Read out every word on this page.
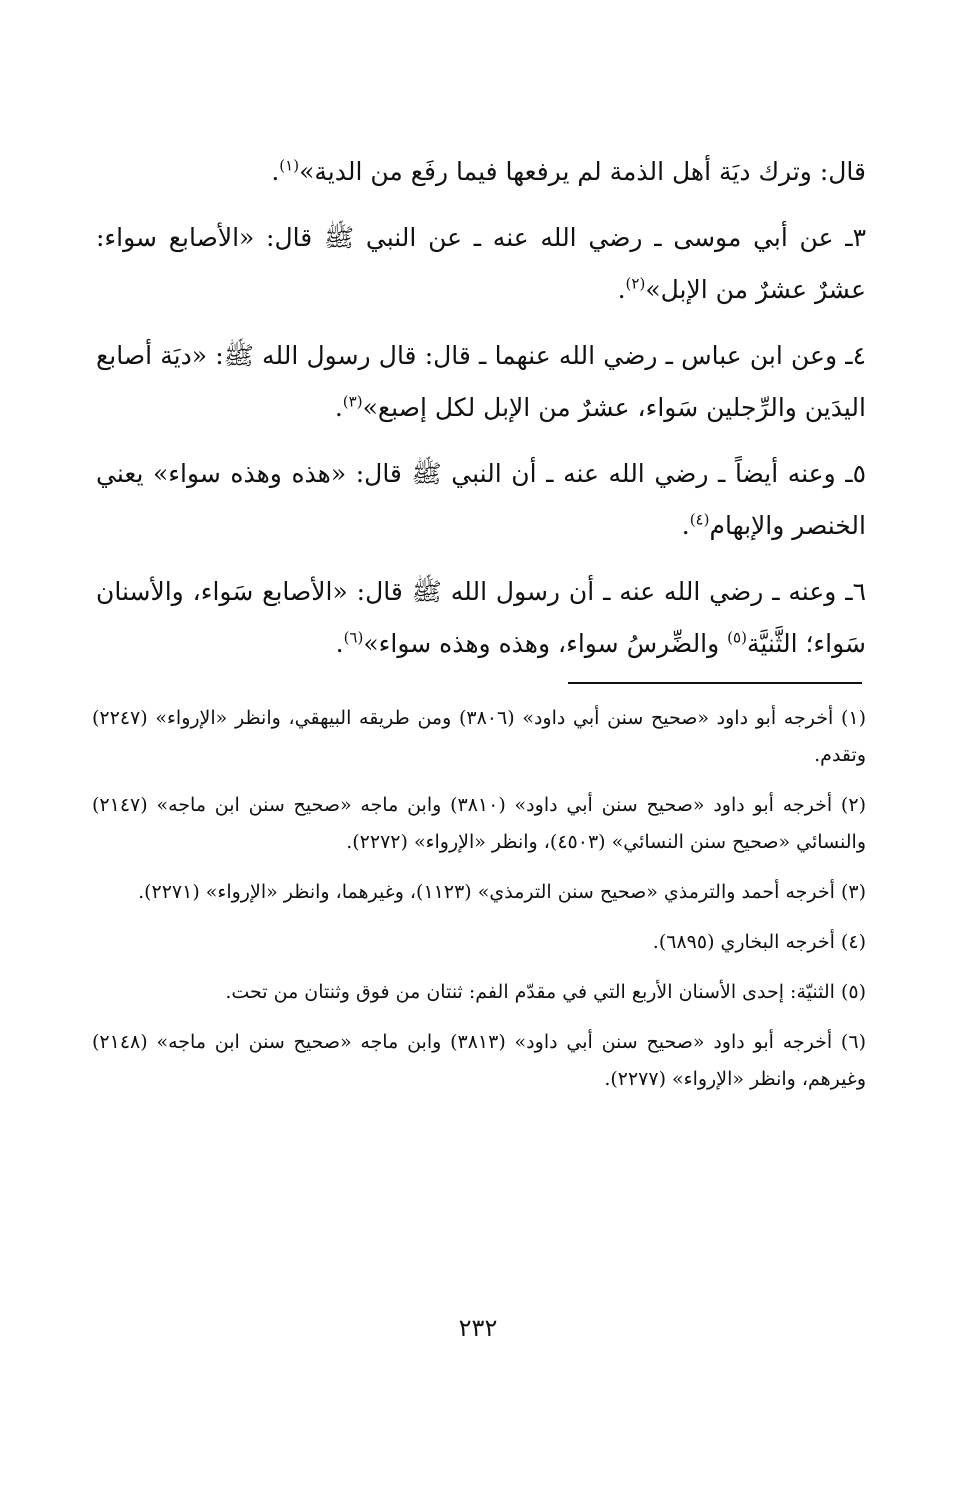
قال: وترك ديَة أهل الذمة لم يرفعها فيما رفَع من الدية»$^{(١)}$.

٣ـ عن أبي موسى ـ رضي الله عنه ـ عن النبي ﷺ قال: «الأصابع سواء: عشرٌ عشرٌ من الإبل»$^{(٢)}$.

٤ـ وعن ابن عباس ـ رضي الله عنهما ـ قال: قال رسول الله ﷺ: «ديَة أصابع اليدَين والرِّجلين سَواء، عشرٌ من الإبل لكل إصبع»$^{(٣)}$.

٥ـ وعنه أيضاً ـ رضي الله عنه ـ أن النبي ﷺ قال: «هذه وهذه سواء» يعني الخنصر والإبهام$^{(٤)}$.

٦ـ وعنه ـ رضي الله عنه ـ أن رسول الله ﷺ قال: «الأصابع سَواء، والأسنان سَواء؛ الثَّنيَّة$^{(٥)}$ والضِّرسُ سواء، وهذه وهذه سواء»$^{(٦)}$.

(١) أخرجه أبو داود «صحيح سنن أبي داود» (٣٨٠٦) ومن طريقه البيهقي، وانظر «الإرواء» (٢٢٤٧) وتقدم.

(٢) أخرجه أبو داود «صحيح سنن أبي داود» (٣٨١٠) وابن ماجه «صحيح سنن ابن ماجه» (٢١٤٧) والنسائي «صحيح سنن النسائي» (٤٥٠٣)، وانظر «الإرواء» (٢٢٧٢).

(٣) أخرجه أحمد والترمذي «صحيح سنن الترمذي» (١١٢٣)، وغيرهما، وانظر «الإرواء» (٢٢٧١).

(٤) أخرجه البخاري (٦٨٩٥).

(٥) الثنيّة: إحدى الأسنان الأربع التي في مقدّم الفم: ثنتان من فوق وثنتان من تحت.

(٦) أخرجه أبو داود «صحيح سنن أبي داود» (٣٨١٣) وابن ماجه «صحيح سنن ابن ماجه» (٢١٤٨) وغيرهم، وانظر «الإرواء» (٢٢٧٧).

٢٣٢
